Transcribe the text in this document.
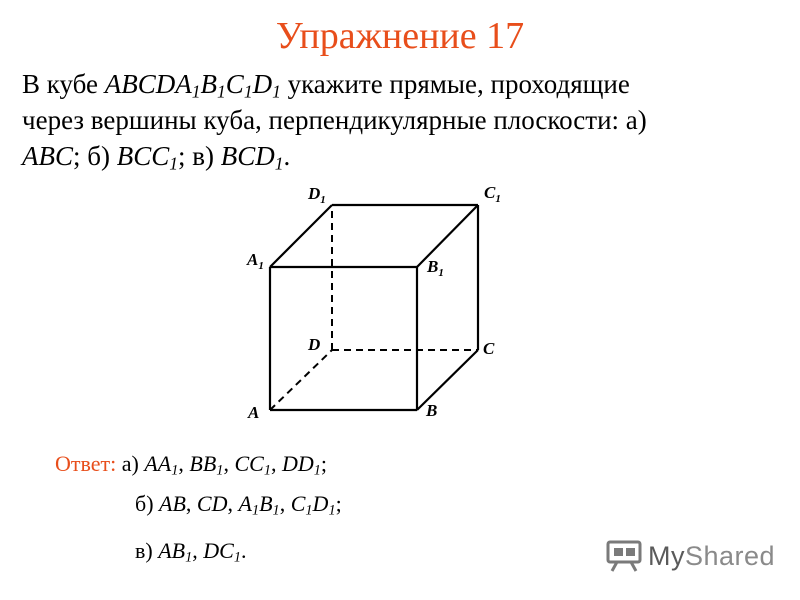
Упражнение 17
В кубе $ABCDA_1B_1C_1D_1$ укажите прямые, проходящие
через вершины куба, перпендикулярные плоскости: а)
ABC; б) $BCC_1$; в) $BCD_1$.
A	B
C
D
$A_1$	$B_1$
$C_1$
$D_1$
Ответ: а) $AA_1$, $BB_1$, $CC_1$, $DD_1$;
б) AB, CD, $A_1B_1$, $C_1D_1$;
в) $AB_1$, $DC_1$.	MyShared
